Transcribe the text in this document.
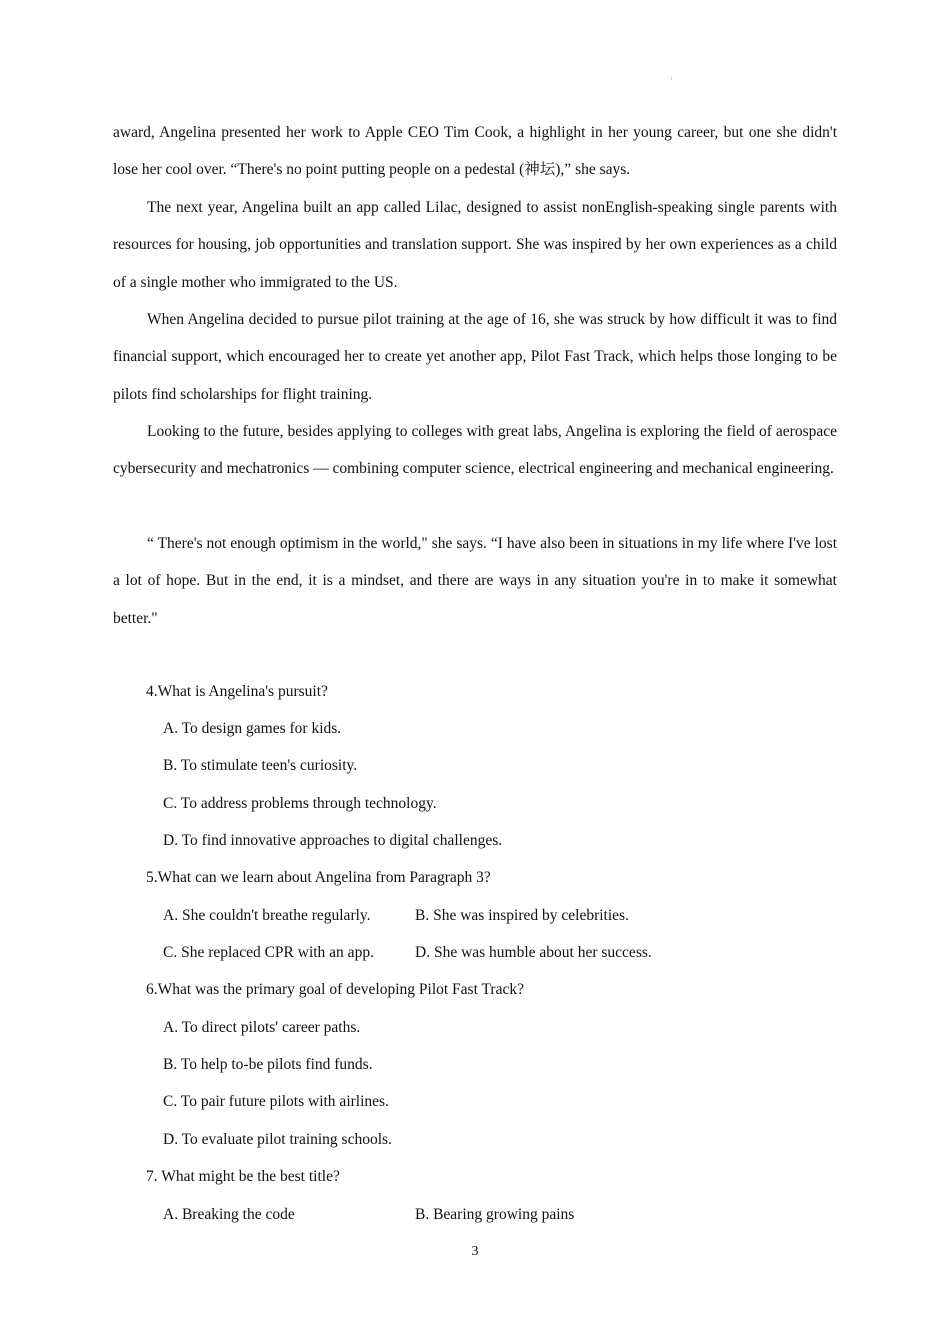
'

award, Angelina presented her work to Apple CEO Tim Cook, a highlight in her young career, but one she didn't lose her cool over. “There's no point putting people on a pedestal (神坛),” she says.

The next year, Angelina built an app called Lilac, designed to assist nonEnglish-speaking single parents with resources for housing, job opportunities and translation support. She was inspired by her own experiences as a child of a single mother who immigrated to the US.

When Angelina decided to pursue pilot training at the age of 16, she was struck by how difficult it was to find financial support, which encouraged her to create yet another app, Pilot Fast Track, which helps those longing to be pilots find scholarships for flight training.

Looking to the future, besides applying to colleges with great labs, Angelina is exploring the field of aerospace cybersecurity and mechatronics — combining computer science, electrical engineering and mechanical engineering.

“ There's not enough optimism in the world," she says. “I have also been in situations in my life where I've lost a lot of hope. But in the end, it is a mindset, and there are ways in any situation you're in to make it somewhat better."

4.What is Angelina's pursuit?

A. To design games for kids.

B. To stimulate teen's curiosity.

C. To address problems through technology.

D. To find innovative approaches to digital challenges.

5.What can we learn about Angelina from Paragraph 3?

A. She couldn't breathe regularly.	B. She was inspired by celebrities.

C. She replaced CPR with an app.	D. She was humble about her success.

6.What was the primary goal of developing Pilot Fast Track?

A. To direct pilots' career paths.

B. To help to-be pilots find funds.

C. To pair future pilots with airlines.

D. To evaluate pilot training schools.

7. What might be the best title?

A. Breaking the code	B. Bearing growing pains

3
